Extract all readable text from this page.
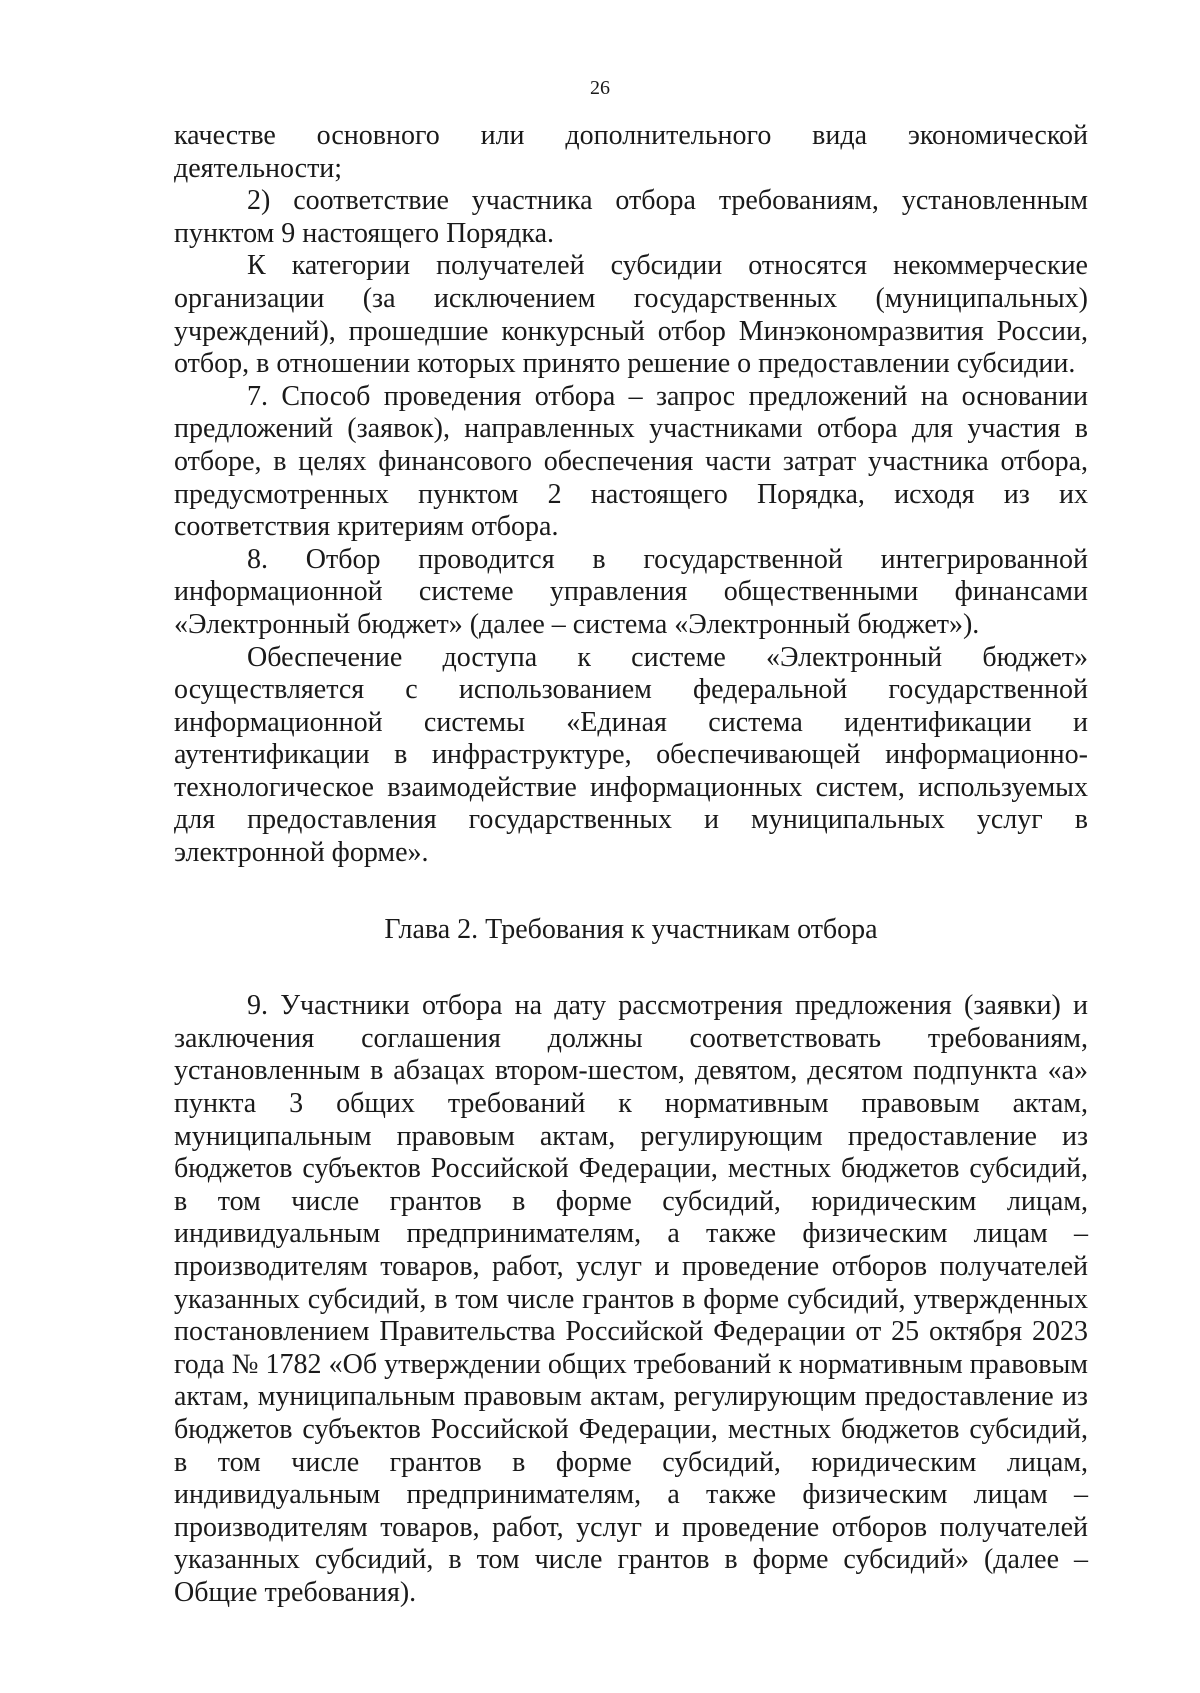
26

качестве основного или дополнительного вида экономической деятельности;

2) соответствие участника отбора требованиям, установленным пунктом 9 настоящего Порядка.

К категории получателей субсидии относятся некоммерческие организации (за исключением государственных (муниципальных) учреждений), прошедшие конкурсный отбор Минэкономразвития России, отбор, в отношении которых принято решение о предоставлении субсидии.

7. Способ проведения отбора – запрос предложений на основании предложений (заявок), направленных участниками отбора для участия в отборе, в целях финансового обеспечения части затрат участника отбора, предусмотренных пунктом 2 настоящего Порядка, исходя из их соответствия критериям отбора.

8. Отбор проводится в государственной интегрированной информационной системе управления общественными финансами «Электронный бюджет» (далее – система «Электронный бюджет»).

Обеспечение доступа к системе «Электронный бюджет» осуществляется с использованием федеральной государственной информационной системы «Единая система идентификации и аутентификации в инфраструктуре, обеспечивающей информационно-технологическое взаимодействие информационных систем, используемых для предоставления государственных и муниципальных услуг в электронной форме».

Глава 2. Требования к участникам отбора

9. Участники отбора на дату рассмотрения предложения (заявки) и заключения соглашения должны соответствовать требованиям, установленным в абзацах втором-шестом, девятом, десятом подпункта «а» пункта 3 общих требований к нормативным правовым актам, муниципальным правовым актам, регулирующим предоставление из бюджетов субъектов Российской Федерации, местных бюджетов субсидий, в том числе грантов в форме субсидий, юридическим лицам, индивидуальным предпринимателям, а также физическим лицам – производителям товаров, работ, услуг и проведение отборов получателей указанных субсидий, в том числе грантов в форме субсидий, утвержденных постановлением Правительства Российской Федерации от 25 октября 2023 года № 1782 «Об утверждении общих требований к нормативным правовым актам, муниципальным правовым актам, регулирующим предоставление из бюджетов субъектов Российской Федерации, местных бюджетов субсидий, в том числе грантов в форме субсидий, юридическим лицам, индивидуальным предпринимателям, а также физическим лицам – производителям товаров, работ, услуг и проведение отборов получателей указанных субсидий, в том числе грантов в форме субсидий» (далее – Общие требования).
